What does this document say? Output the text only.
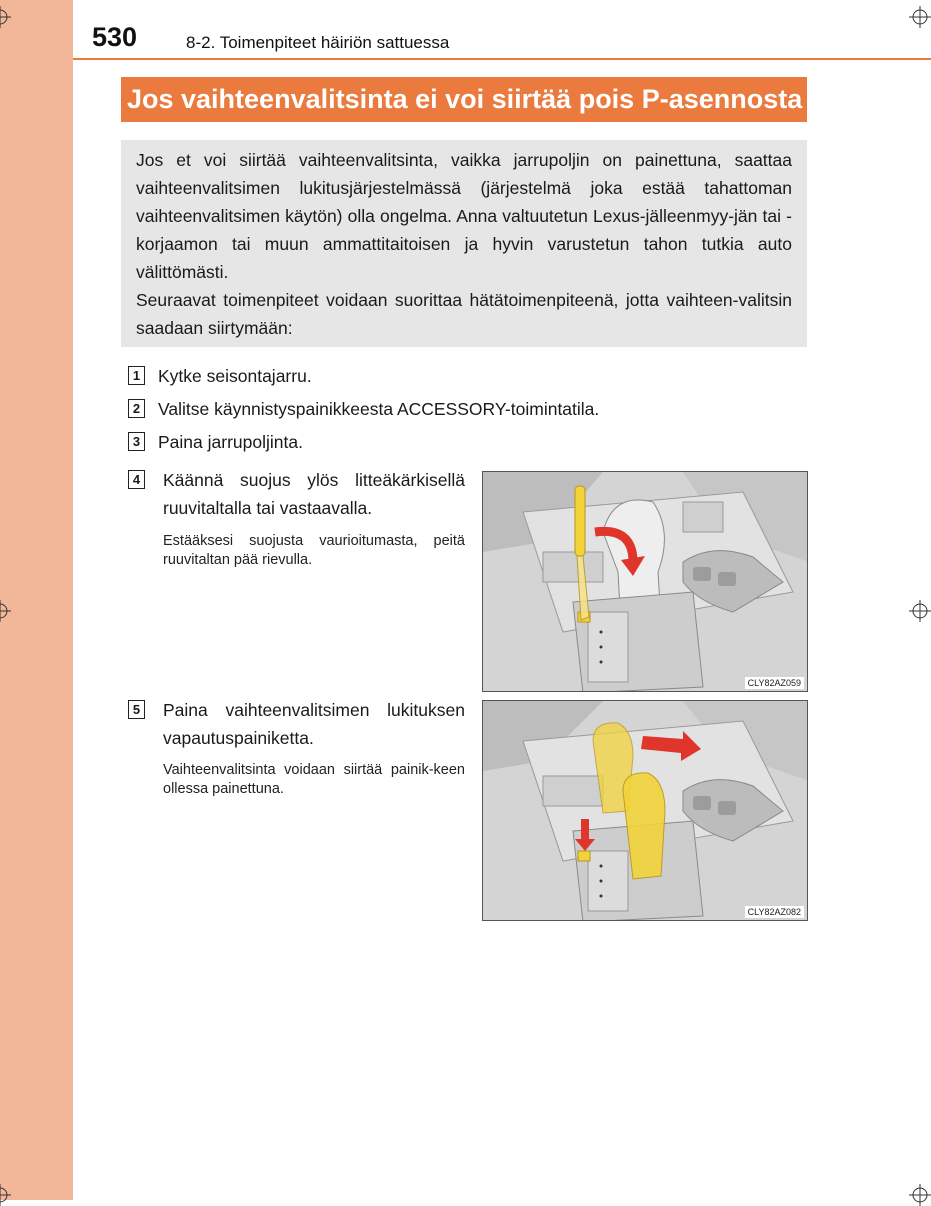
530	8-2. Toimenpiteet häiriön sattuessa
Jos vaihteenvalitsinta ei voi siirtää pois P-asennosta

Jos et voi siirtää vaihteenvalitsinta, vaikka jarrupoljin on painettuna, saattaa vaihteenvalitsimen lukitusjärjestelmässä (järjestelmä joka estää tahattoman vaihteenvalitsimen käytön) olla ongelma. Anna valtuutetun Lexus-jälleenmyy-jän tai -korjaamon tai muun ammattitaitoisen ja hyvin varustetun tahon tutkia auto välittömästi.

Seuraavat toimenpiteet voidaan suorittaa hätätoimenpiteenä, jotta vaihteen-valitsin saadaan siirtymään:

1 Kytke seisontajarru.
2 Valitse käynnistyspainikkeesta ACCESSORY-toimintatila.
3 Paina jarrupoljinta.
4	Käännä suojus ylös litteäkärkisellä ruuvitaltalla tai vastaavalla.
Estääksesi suojusta vaurioitumasta, peitä ruuvitaltan pää rievulla.
5	Paina vaihteenvalitsimen lukituksen vapautuspainiketta.
Vaihteenvalitsinta voidaan siirtää painik-keen ollessa painettuna.
CLY82AZ059
CLY82AZ082
